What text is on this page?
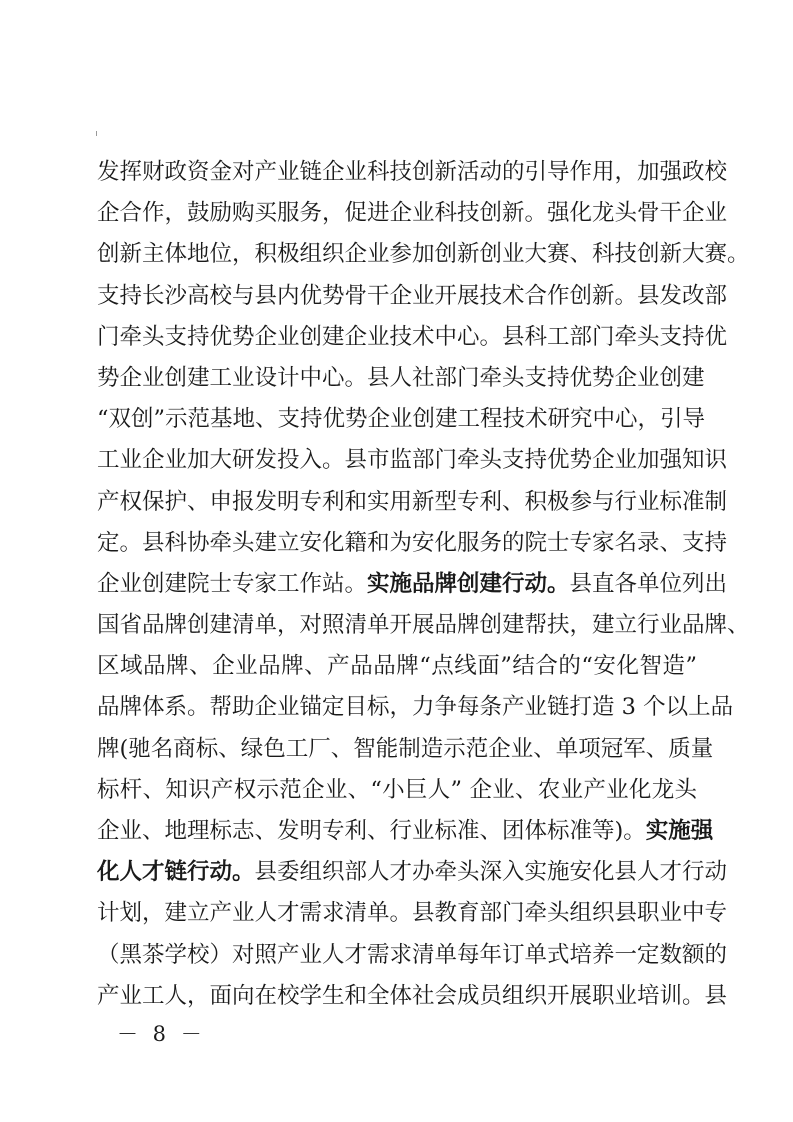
发挥财政资金对产业链企业科技创新活动的引导作用，加强政校
企合作，鼓励购买服务，促进企业科技创新。强化龙头骨干企业
创新主体地位，积极组织企业参加创新创业大赛、科技创新大赛。
支持长沙高校与县内优势骨干企业开展技术合作创新。县发改部
门牵头支持优势企业创建企业技术中心。县科工部门牵头支持优
势企业创建工业设计中心。县人社部门牵头支持优势企业创建
“双创”示范基地、支持优势企业创建工程技术研究中心，引导
工业企业加大研发投入。县市监部门牵头支持优势企业加强知识
产权保护、申报发明专利和实用新型专利、积极参与行业标准制
定。县科协牵头建立安化籍和为安化服务的院士专家名录、支持
企业创建院士专家工作站。实施品牌创建行动。县直各单位列出
国省品牌创建清单，对照清单开展品牌创建帮扶，建立行业品牌、
区域品牌、企业品牌、产品品牌“点线面”结合的“安化智造”
品牌体系。帮助企业锚定目标，力争每条产业链打造 3 个以上品
牌(驰名商标、绿色工厂、智能制造示范企业、单项冠军、质量
标杆、知识产权示范企业、“小巨人” 企业、农业产业化龙头
企业、地理标志、发明专利、行业标准、团体标准等)。实施强
化人才链行动。县委组织部人才办牵头深入实施安化县人才行动
计划，建立产业人才需求清单。县教育部门牵头组织县职业中专
（黑茶学校）对照产业人才需求清单每年订单式培养一定数额的
产业工人，面向在校学生和全体社会成员组织开展职业培训。县
－ 8 －
